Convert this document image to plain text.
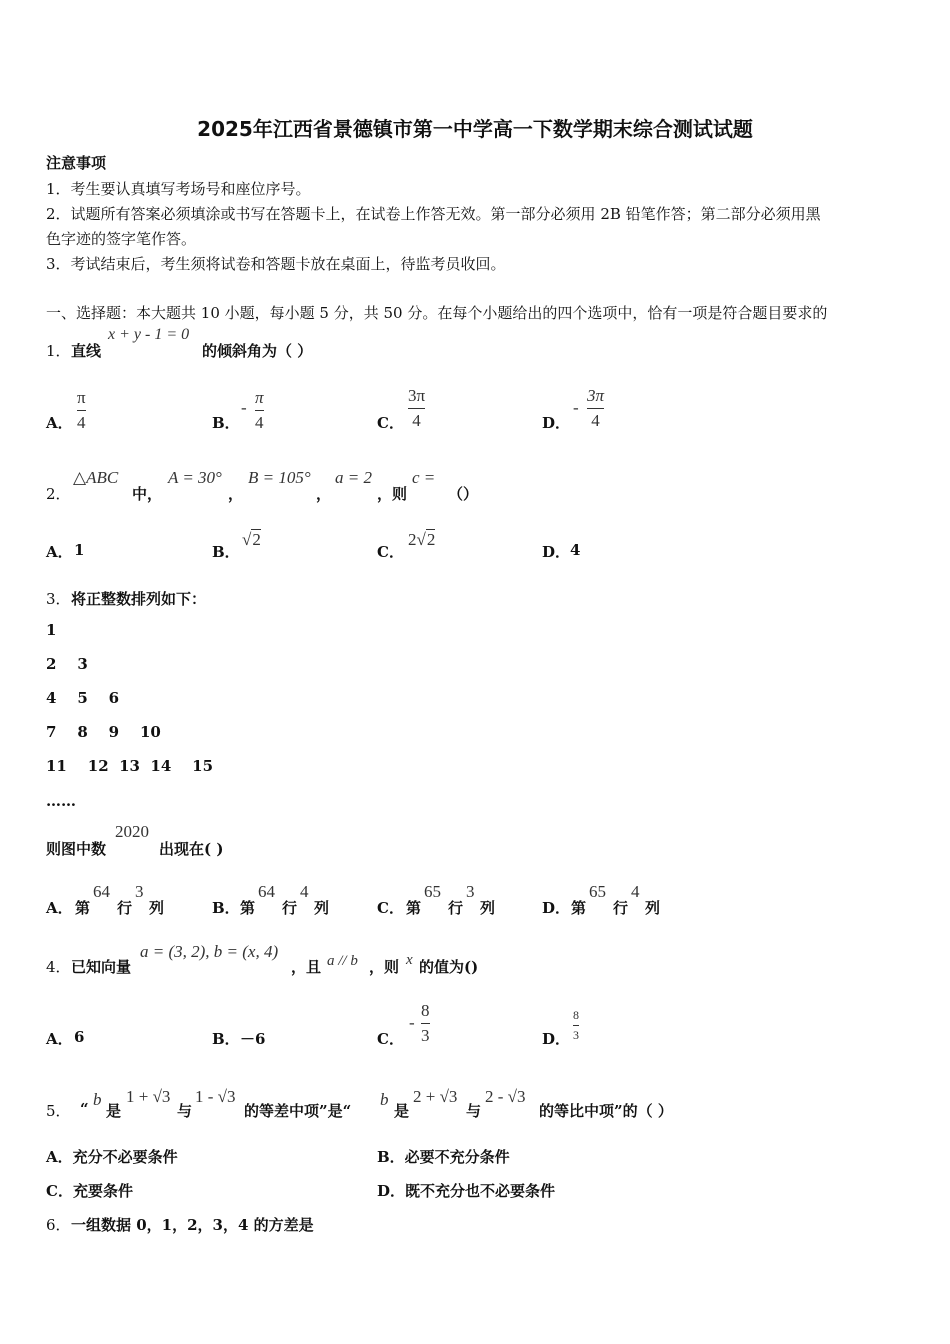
2025年江西省景德镇市第一中学高一下数学期末综合测试试题
注意事项
1．考生要认真填写考场号和座位序号。
2．试题所有答案必须填涂或书写在答题卡上，在试卷上作答无效。第一部分必须用 2B 铅笔作答；第二部分必须用黑
色字迹的签字笔作答。
3．考试结束后，考生须将试卷和答题卡放在桌面上，待监考员收回。
一、选择题：本大题共 10 小题，每小题 5 分，共 50 分。在每个小题给出的四个选项中，恰有一项是符合题目要求的
1． 直线
x + y - 1 = 0
的倾斜角为（ ）
A．
π
4	B．
-
π
4	C．
3π
4	D．
-
3π
4
2．
△ABC
中，
A = 30°
，
B = 105°
，
a = 2
，则
c =
（）
A． 1	B．
√2
C．
2√2
D． 4
3． 将正整数排列如下：
1
2    3
4    5    6
7    8    9    10
11    12  13  14    15
……
则图中数
2020
出现在( )
A． 第
64
行
3
列	B． 第
64
行
4
列	C． 第
65
行
3
列	D． 第
65
行
4
列
4． 已知向量
a = (3, 2), b = (x, 4)
，且 a // b ，则 x 的值为()
A． 6	B． －6	C．
-
8
3	D．
8
3
5． “ b
是
1 + √3
与
1 - √3
的等差中项”是“
b
是
2 + √3
与
2 - √3
的等比中项”的（ ）
A．充分不必要条件	B．必要不充分条件
C．充要条件	D．既不充分也不必要条件
6． 一组数据 0，1，2，3，4 的方差是
